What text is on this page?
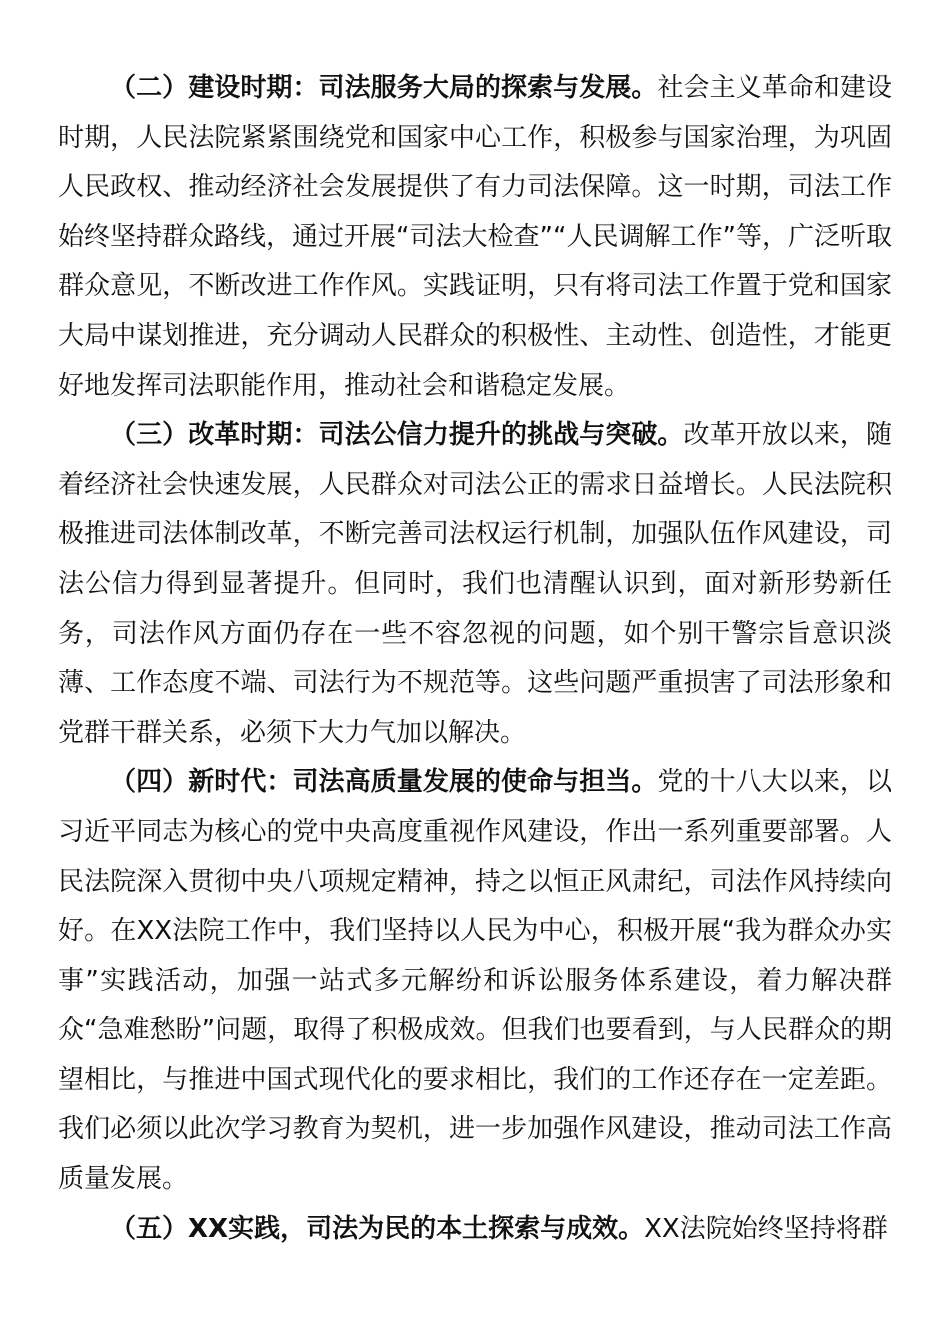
（二）建设时期：司法服务大局的探索与发展。社会主义革命和建设时期，人民法院紧紧围绕党和国家中心工作，积极参与国家治理，为巩固人民政权、推动经济社会发展提供了有力司法保障。这一时期，司法工作始终坚持群众路线，通过开展“司法大检查”“人民调解工作”等，广泛听取群众意见，不断改进工作作风。实践证明，只有将司法工作置于党和国家大局中谋划推进，充分调动人民群众的积极性、主动性、创造性，才能更好地发挥司法职能作用，推动社会和谐稳定发展。

（三）改革时期：司法公信力提升的挑战与突破。改革开放以来，随着经济社会快速发展，人民群众对司法公正的需求日益增长。人民法院积极推进司法体制改革，不断完善司法权运行机制，加强队伍作风建设，司法公信力得到显著提升。但同时，我们也清醒认识到，面对新形势新任务，司法作风方面仍存在一些不容忽视的问题，如个别干警宗旨意识淡薄、工作态度不端、司法行为不规范等。这些问题严重损害了司法形象和党群干群关系，必须下大力气加以解决。

（四）新时代：司法高质量发展的使命与担当。党的十八大以来，以习近平同志为核心的党中央高度重视作风建设，作出一系列重要部署。人民法院深入贯彻中央八项规定精神，持之以恒正风肃纪，司法作风持续向好。在XX法院工作中，我们坚持以人民为中心，积极开展“我为群众办实事”实践活动，加强一站式多元解纷和诉讼服务体系建设，着力解决群众“急难愁盼”问题，取得了积极成效。但我们也要看到，与人民群众的期望相比，与推进中国式现代化的要求相比，我们的工作还存在一定差距。我们必须以此次学习教育为契机，进一步加强作风建设，推动司法工作高质量发展。

（五）XX实践，司法为民的本土探索与成效。XX法院始终坚持将群
